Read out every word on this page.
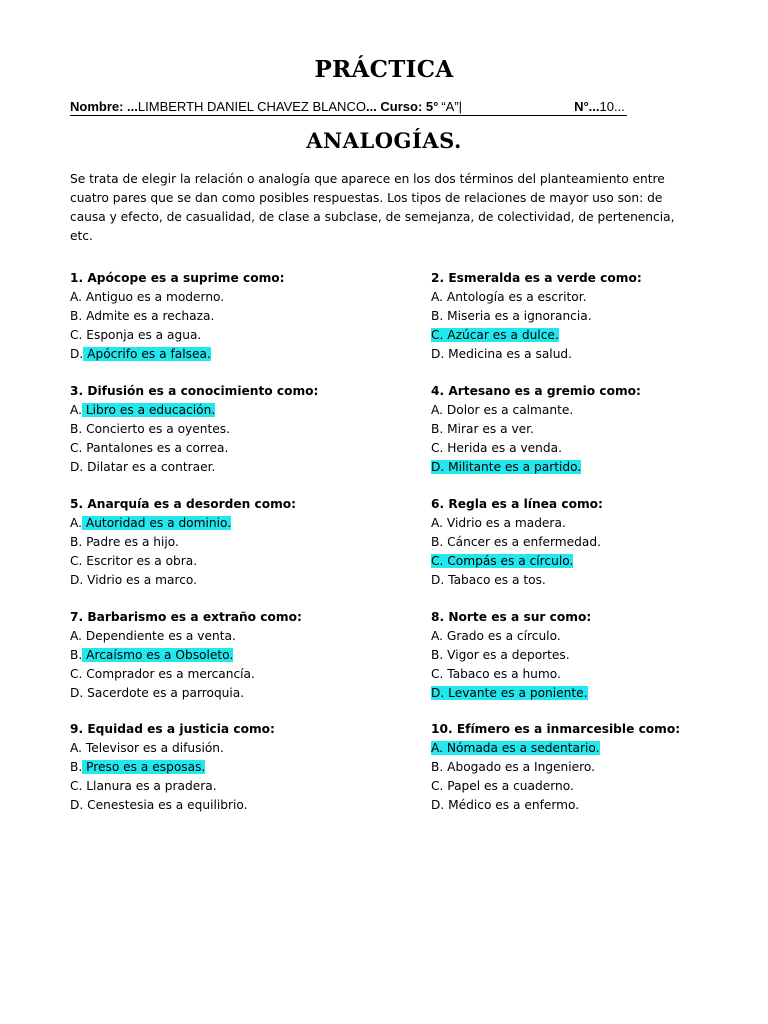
PRÁCTICA
Nombre: ...LIMBERTH DANIEL CHAVEZ BLANCO... Curso: 5° “A”|	N°...10...
ANALOGÍAS.
Se trata de elegir la relación o analogía que aparece en los dos términos del planteamiento entre cuatro pares que se dan como posibles respuestas. Los tipos de relaciones de mayor uso son: de causa y efecto, de casualidad, de clase a subclase, de semejanza, de colectividad, de pertenencia, etc.
1. Apócope es a suprime como:
A. Antiguo es a moderno.
B. Admite es a rechaza.
C. Esponja es a agua.
D. Apócrifo es a falsea.
3. Difusión es a conocimiento como:
A. Libro es a educación.
B. Concierto es a oyentes.
C. Pantalones es a correa.
D. Dilatar es a contraer.
5. Anarquía es a desorden como:
A. Autoridad es a dominio.
B. Padre es a hijo.
C. Escritor es a obra.
D. Vidrio es a marco.
7. Barbarismo es a extraño como:
A. Dependiente es a venta.
B. Arcaísmo es a Obsoleto.
C. Comprador es a mercancía.
D. Sacerdote es a parroquia.
9. Equidad es a justicia como:
A. Televisor es a difusión.
B. Preso es a esposas.
C. Llanura es a pradera.
D. Cenestesia es a equilibrio.
2. Esmeralda es a verde como:
A. Antología es a escritor.
B. Miseria es a ignorancia.
C. Azúcar es a dulce.
D. Medicina es a salud.
4. Artesano es a gremio como:
A. Dolor es a calmante.
B. Mirar es a ver.
C. Herida es a venda.
D. Militante es a partido.
6. Regla es a línea como:
A. Vidrio es a madera.
B. Cáncer es a enfermedad.
C. Compás es a círculo.
D. Tabaco es a tos.
8. Norte es a sur como:
A. Grado es a círculo.
B. Vigor es a deportes.
C. Tabaco es a humo.
D. Levante es a poniente.
10. Efímero es a inmarcesible como:
A. Nómada es a sedentario.
B. Abogado es a Ingeniero.
C. Papel es a cuaderno.
D. Médico es a enfermo.
